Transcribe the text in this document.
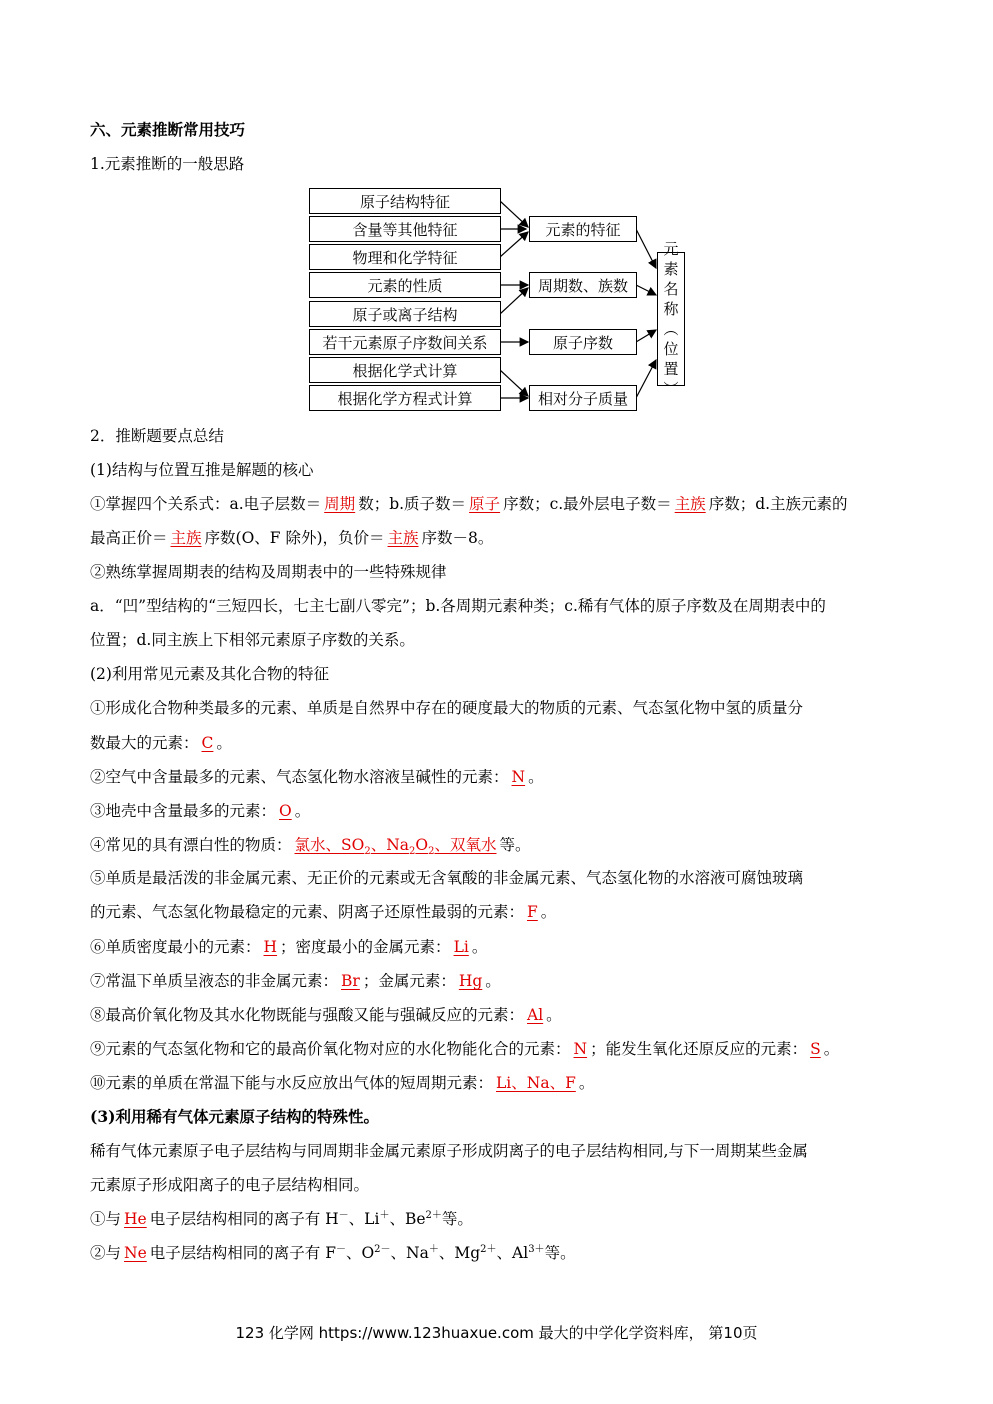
六、元素推断常用技巧
1.元素推断的一般思路
原子结构特征
含量等其他特征
物理和化学特征
元素的性质
原子或离子结构
若干元素原子序数间关系
根据化学式计算
根据化学方程式计算
元素的特征
周期数、族数
原子序数
相对分子质量
元
素
名
称
︵
位
置
︶
2．推断题要点总结
(1)结构与位置互推是解题的核心
①掌握四个关系式：a.电子层数＝ 周期 数；b.质子数＝ 原子 序数；c.最外层电子数＝ 主族 序数；d.主族元素的
最高正价＝ 主族 序数(O、F 除外)，负价＝ 主族 序数－8。
②熟练掌握周期表的结构及周期表中的一些特殊规律
a．“凹”型结构的“三短四长，七主七副八零完”；b.各周期元素种类；c.稀有气体的原子序数及在周期表中的
位置；d.同主族上下相邻元素原子序数的关系。
(2)利用常见元素及其化合物的特征
①形成化合物种类最多的元素、单质是自然界中存在的硬度最大的物质的元素、气态氢化物中氢的质量分
数最大的元素： C 。
②空气中含量最多的元素、气态氢化物水溶液呈碱性的元素： N 。
③地壳中含量最多的元素： O 。
④常见的具有漂白性的物质： 氯水、$SO_2$、$Na_2O_2$、双氧水 等。
⑤单质是最活泼的非金属元素、无正价的元素或无含氧酸的非金属元素、气态氢化物的水溶液可腐蚀玻璃
的元素、气态氢化物最稳定的元素、阴离子还原性最弱的元素： F 。
⑥单质密度最小的元素： H ；密度最小的金属元素： Li 。
⑦常温下单质呈液态的非金属元素： Br ；金属元素： Hg 。
⑧最高价氧化物及其水化物既能与强酸又能与强碱反应的元素： Al 。
⑨元素的气态氢化物和它的最高价氧化物对应的水化物能化合的元素： N ；能发生氧化还原反应的元素： S 。
⑩元素的单质在常温下能与水反应放出气体的短周期元素： Li、Na、F 。
(3)利用稀有气体元素原子结构的特殊性。
稀有气体元素原子电子层结构与同周期非金属元素原子形成阴离子的电子层结构相同,与下一周期某些金属
元素原子形成阳离子的电子层结构相同。
①与 He 电子层结构相同的离子有 H－、Li＋、$Be^{2+}$等。
②与 Ne 电子层结构相同的离子有 F－、$O^{2-}$、Na＋、$Mg^{2+}$、$Al^{3+}$等。
123 化学网 https://www.123huaxue.com 最大的中学化学资料库， 第10页
